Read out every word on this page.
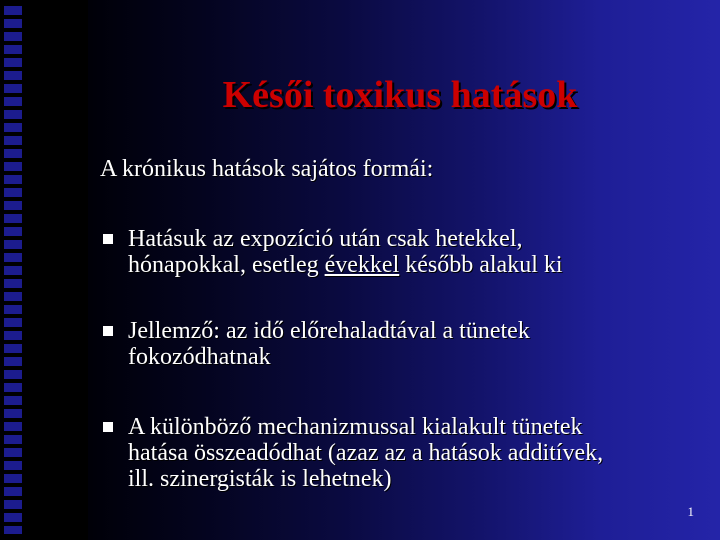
Késői toxikus hatások
A krónikus hatások sajátos formái:
Hatásuk az expozíció után csak hetekkel,
hónapokkal, esetleg évekkel később alakul ki
Jellemző: az idő előrehaladtával a tünetek
fokozódhatnak
A különböző mechanizmussal kialakult tünetek
hatása összeadódhat (azaz az a hatások additívek,
ill. szinergisták is lehetnek)
1
